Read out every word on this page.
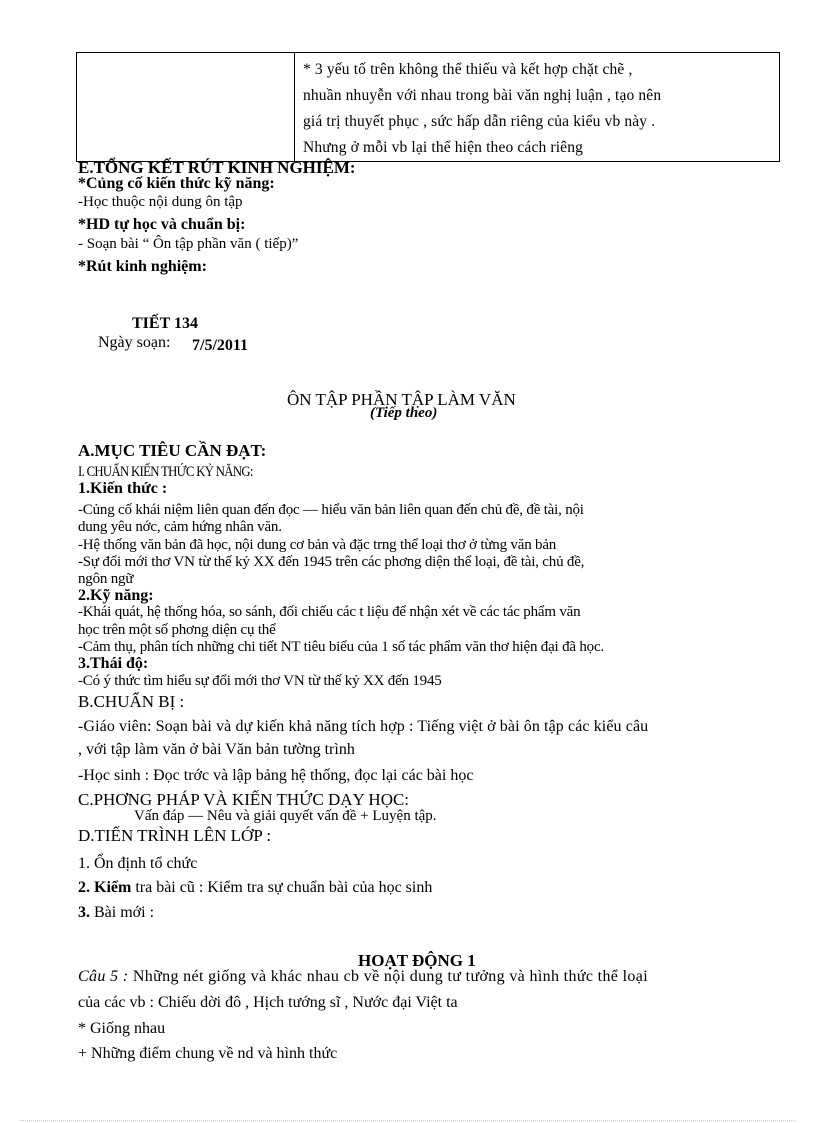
* 3 yếu tố trên không thể thiếu và kết hợp chặt chẽ ,
nhuần nhuyễn với nhau trong bài văn nghị luận , tạo nên
giá trị thuyết phục , sức hấp dẫn riêng của kiểu vb này .
Nhưng ở mỗi vb lại thể hiện theo cách riêng
E.TỔNG KẾT RÚT KINH NGHIỆM:
*Củng cố kiến thức kỹ năng:
-Học thuộc nội dung ôn tập
*HD tự học và chuẩn bị:
- Soạn bài “ Ôn tập phần văn ( tiếp)”
*Rút kinh nghiệm:
TIẾT 134
Ngày soạn: 7/5/2011
ÔN TẬP PHẦN TẬP LÀM VĂN
(Tiếp theo)
A.MỤC TIÊU CẦN ĐẠT:
I. CHUẨN KIẾN THỨC KỶ NĂNG:
1.Kiến thức :
-Củng cố khái niệm liên quan đến đọc — hiểu văn bản liên quan đến chủ đề, đề tài, nội
dung yêu nớc, cảm hứng nhân văn.
-Hệ thống văn bản đã học, nội dung cơ bản và đặc trng thể loại thơ ở từng văn bản
-Sự đổi mới thơ VN từ thế kỷ XX đến 1945 trên các phơng diện thể loại, đề tài, chủ đề,
ngôn ngữ
2.Kỹ năng:
-Khái quát, hệ thống hóa, so sánh, đối chiếu các t liệu để nhận xét về các tác phẩm văn
học trên một số phơng diện cụ thể
-Cảm thụ, phân tích những chi tiết NT tiêu biểu của 1 số tác phẩm văn thơ hiện đại đã học.
3.Thái độ:
-Có ý thức tìm hiểu sự đổi mới thơ VN từ thế kỷ XX đến 1945
B.CHUẨN BỊ :
-Giáo viên: Soạn bài và dự kiến khả năng tích hợp : Tiếng việt ở bài ôn tập các kiểu câu
, với tập làm văn ở bài Văn bản tường trình
-Học sinh : Đọc trớc và lập bảng hệ thống, đọc lại các bài học
C.PHƠNG PHÁP VÀ KIẾN THỨC DẠY HỌC:
Vấn đáp — Nêu và giải quyết vấn đề + Luyện tập.
D.TIẾN TRÌNH LÊN LỚP :
1. Ổn định tổ chức
2. Kiểm tra bài cũ : Kiểm tra sự chuẩn bài của học sinh
3. Bài mới :
HOẠT ĐỘNG 1
Câu 5 : Những nét giống và khác nhau cb về nội dung tư tưởng và hình thức thể loại
của các vb : Chiếu dời đô , Hịch tướng sĩ , Nước đại Việt ta
* Giống nhau
+ Những điểm chung về nd và hình thức
